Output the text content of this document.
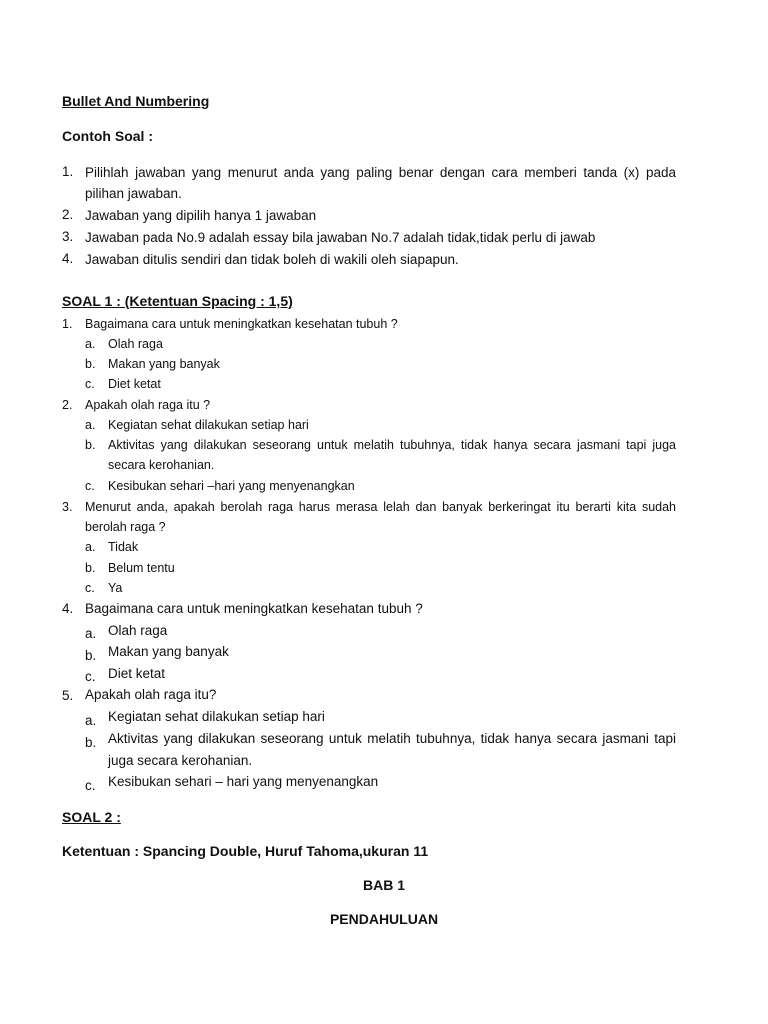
Bullet And Numbering
Contoh Soal :
1. Pilihlah jawaban yang menurut anda yang paling benar dengan cara memberi tanda (x) pada pilihan jawaban.
2. Jawaban yang dipilih hanya 1 jawaban
3. Jawaban pada No.9 adalah essay bila jawaban No.7 adalah tidak,tidak perlu di jawab
4. Jawaban ditulis sendiri dan tidak boleh di wakili oleh siapapun.
SOAL 1 : (Ketentuan Spacing : 1,5)
1. Bagaimana cara untuk meningkatkan kesehatan tubuh ?
a. Olah raga
b. Makan yang banyak
c. Diet ketat
2. Apakah olah raga itu ?
a. Kegiatan sehat dilakukan setiap hari
b. Aktivitas yang dilakukan seseorang untuk melatih tubuhnya, tidak hanya secara jasmani tapi juga secara kerohanian.
c. Kesibukan sehari –hari yang menyenangkan
3. Menurut anda, apakah berolah raga harus merasa lelah dan banyak berkeringat itu berarti kita sudah berolah raga ?
a. Tidak
b. Belum tentu
c. Ya
4. Bagaimana cara untuk meningkatkan kesehatan tubuh ?
a. Olah raga
b. Makan yang banyak
c. Diet ketat
5. Apakah olah raga itu?
a. Kegiatan sehat dilakukan setiap hari
b. Aktivitas yang dilakukan seseorang untuk melatih tubuhnya, tidak hanya secara jasmani tapi juga secara kerohanian.
c. Kesibukan sehari – hari yang menyenangkan
SOAL 2 :
Ketentuan : Spancing Double, Huruf Tahoma,ukuran 11
BAB 1
PENDAHULUAN
